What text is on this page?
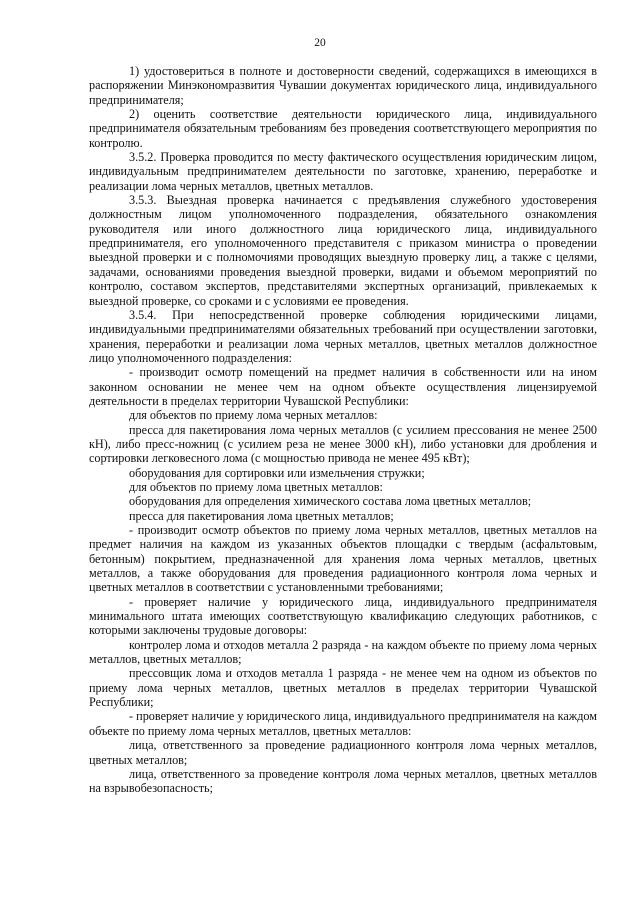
20

1) удостовериться в полноте и достоверности сведений, содержащихся в имеющихся в распоряжении Минэкономразвития Чувашии документах юридического лица, индивидуального предпринимателя;

2) оценить соответствие деятельности юридического лица, индивидуального предпринимателя обязательным требованиям без проведения соответствующего мероприятия по контролю.

3.5.2. Проверка проводится по месту фактического осуществления юридическим лицом, индивидуальным предпринимателем деятельности по заготовке, хранению, переработке и реализации лома черных металлов, цветных металлов.

3.5.3. Выездная проверка начинается с предъявления служебного удостоверения должностным лицом уполномоченного подразделения, обязательного ознакомления руководителя или иного должностного лица юридического лица, индивидуального предпринимателя, его уполномоченного представителя с приказом министра о проведении выездной проверки и с полномочиями проводящих выездную проверку лиц, а также с целями, задачами, основаниями проведения выездной проверки, видами и объемом мероприятий по контролю, составом экспертов, представителями экспертных организаций, привлекаемых к выездной проверке, со сроками и с условиями ее проведения.

3.5.4. При непосредственной проверке соблюдения юридическими лицами, индивидуальными предпринимателями обязательных требований при осуществлении заготовки, хранения, переработки и реализации лома черных металлов, цветных металлов должностное лицо уполномоченного подразделения:

- производит осмотр помещений на предмет наличия в собственности или на ином законном основании не менее чем на одном объекте осуществления лицензируемой деятельности в пределах территории Чувашской Республики:

для объектов по приему лома черных металлов:

пресса для пакетирования лома черных металлов (с усилием прессования не менее 2500 кН), либо пресс-ножниц (с усилием реза не менее 3000 кН), либо установки для дробления и сортировки легковесного лома (с мощностью привода не менее 495 кВт);

оборудования для сортировки или измельчения стружки;

для объектов по приему лома цветных металлов:

оборудования для определения химического состава лома цветных металлов;

пресса для пакетирования лома цветных металлов;

- производит осмотр объектов по приему лома черных металлов, цветных металлов на предмет наличия на каждом из указанных объектов площадки с твердым (асфальтовым, бетонным) покрытием, предназначенной для хранения лома черных металлов, цветных металлов, а также оборудования для проведения радиационного контроля лома черных и цветных металлов в соответствии с установленными требованиями;

- проверяет наличие у юридического лица, индивидуального предпринимателя минимального штата имеющих соответствующую квалификацию следующих работников, с которыми заключены трудовые договоры:

контролер лома и отходов металла 2 разряда - на каждом объекте по приему лома черных металлов, цветных металлов;

прессовщик лома и отходов металла 1 разряда - не менее чем на одном из объектов по приему лома черных металлов, цветных металлов в пределах территории Чувашской Республики;

- проверяет наличие у юридического лица, индивидуального предпринимателя на каждом объекте по приему лома черных металлов, цветных металлов:

лица, ответственного за проведение радиационного контроля лома черных металлов, цветных металлов;

лица, ответственного за проведение контроля лома черных металлов, цветных металлов на взрывобезопасность;
